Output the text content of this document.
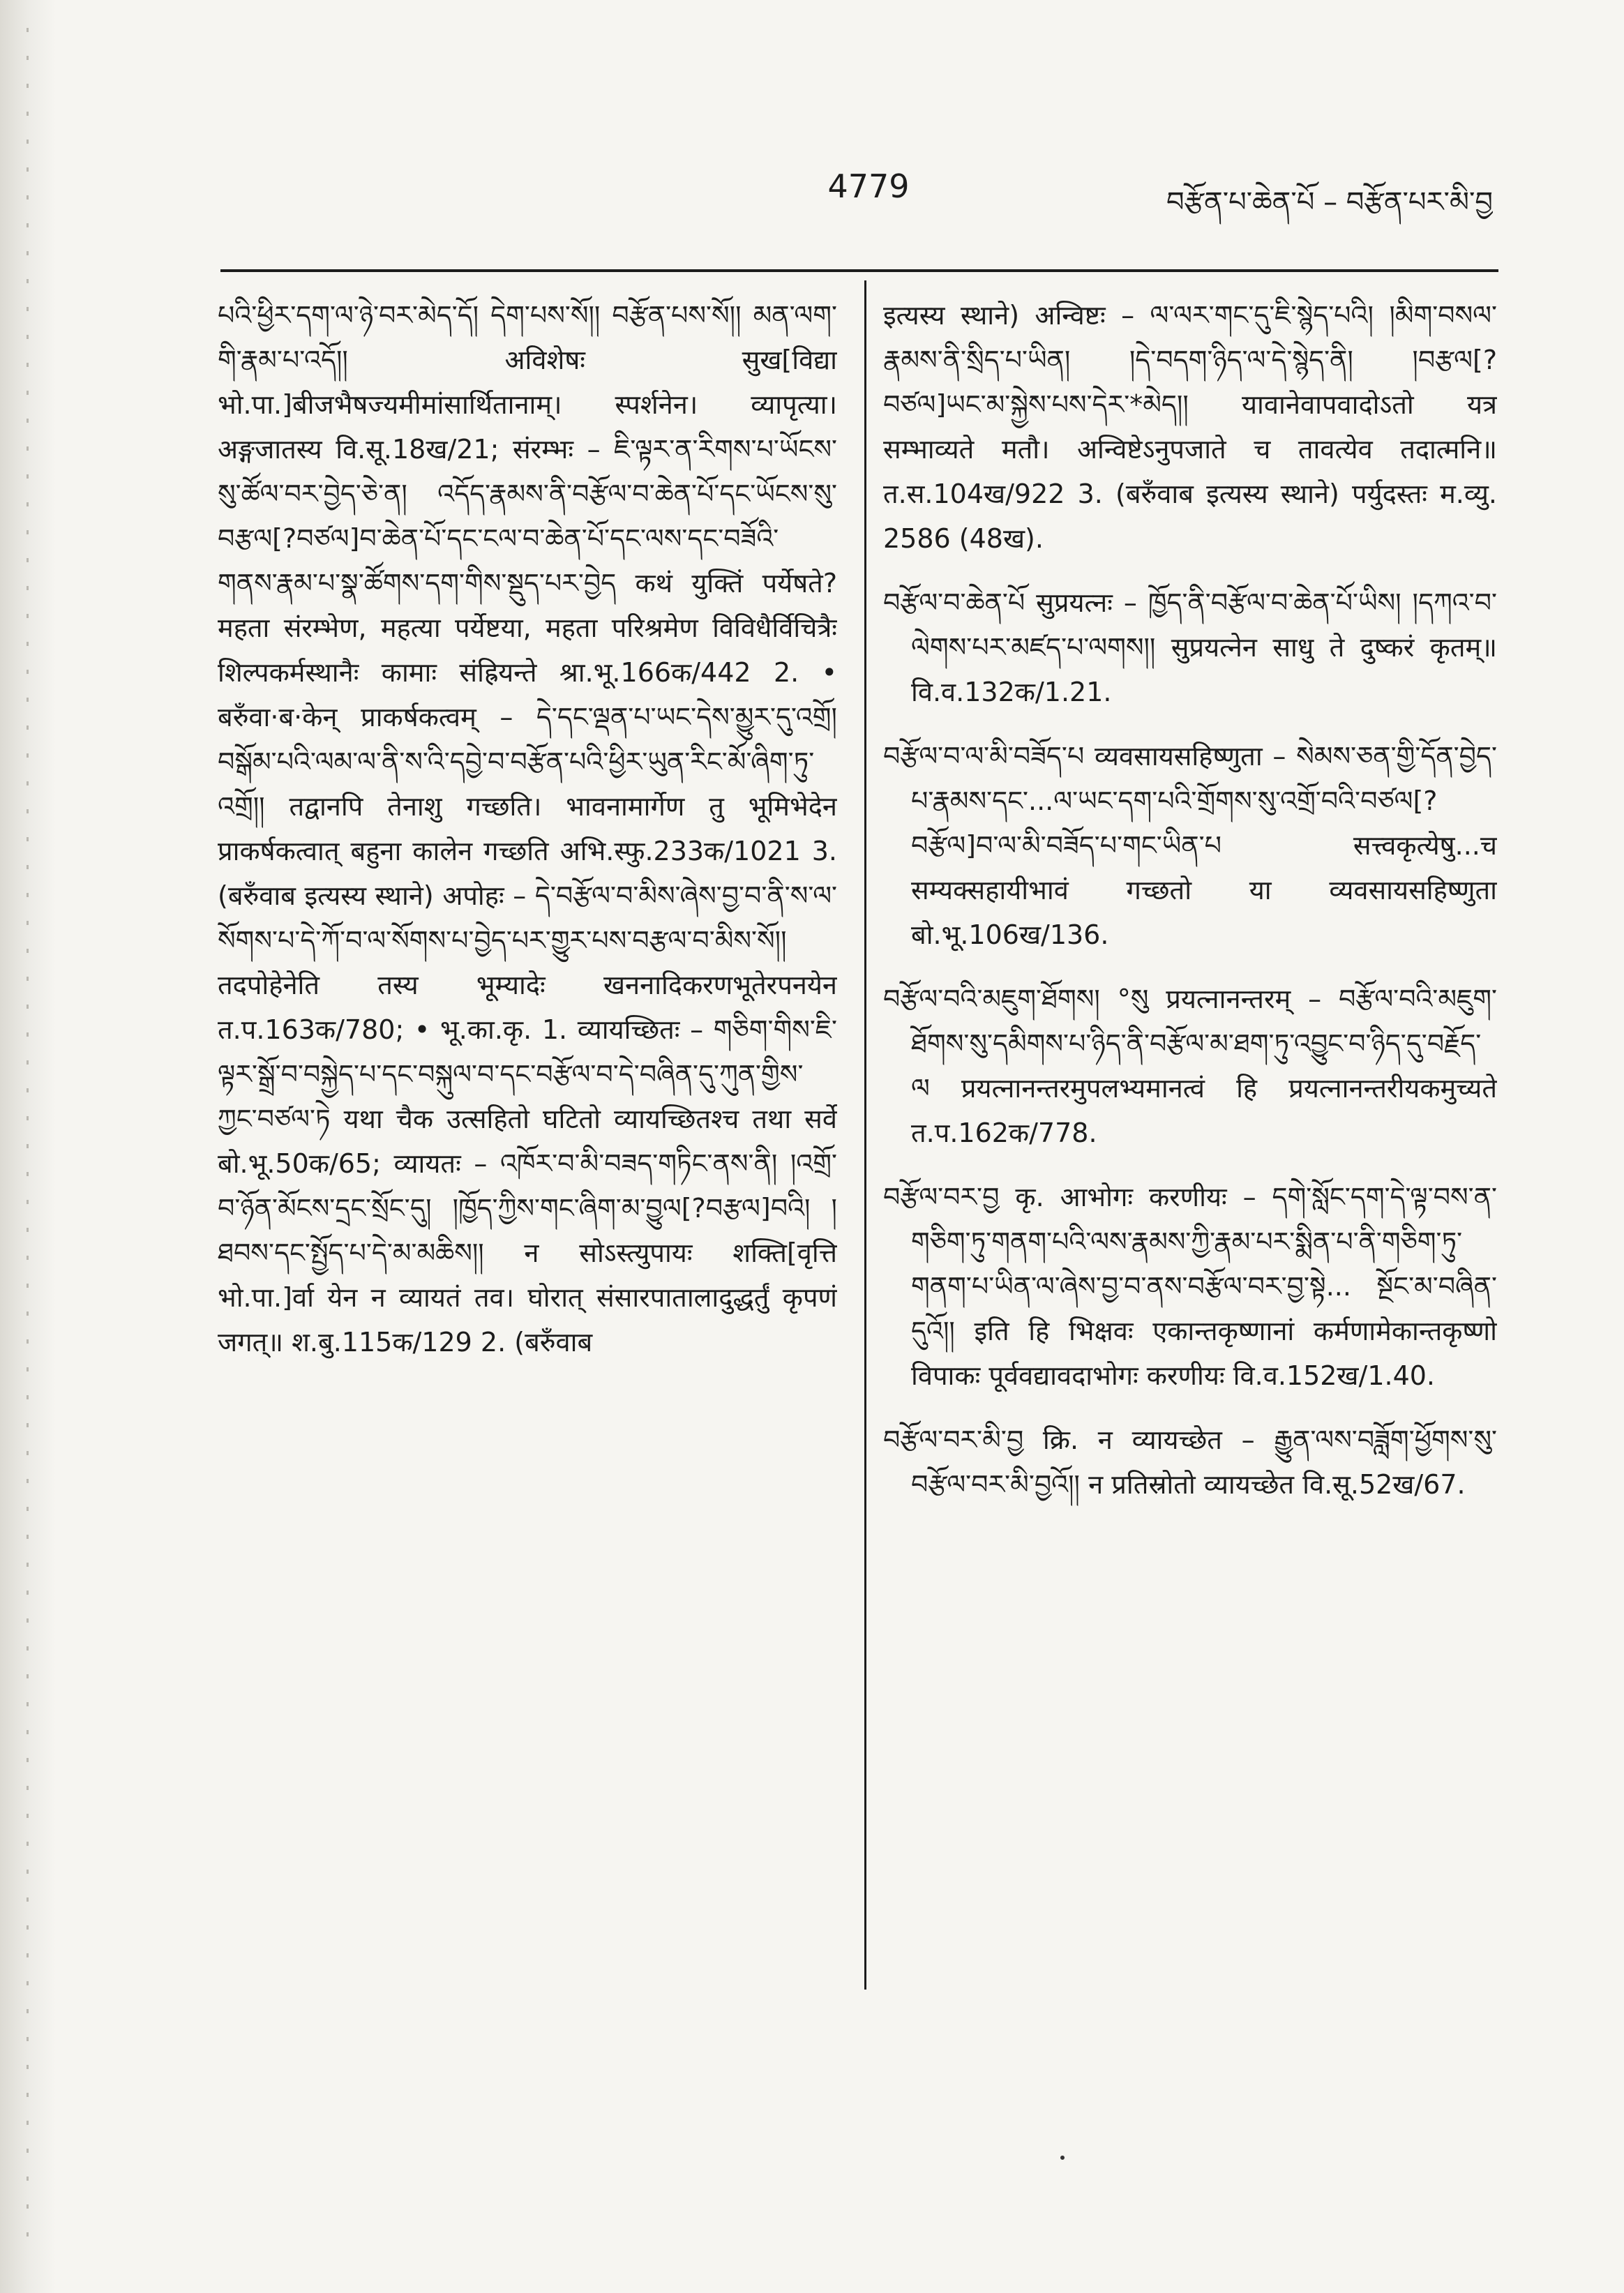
4779	བརྩོན་པ་ཆེན་པོ – བརྩོན་པར་མི་བྱ

པའི་ཕྱིར་དག་ལ་ཉེ་བར་མེད་དོ། དེག་པས་སོ།། བརྩོན་པས་སོ།། མན་ལག་གི་རྣམ་པ་འདོ།། अविशेषः सुख[विद्या भो.पा.]बीजभैषज्यमीमांसार्थितानाम्। स्पर्शनेन। व्यापृत्या। अङ्गजातस्य वि.सू.18ख/21; संरम्भः – ཇི་ལྟར་ན་རིགས་པ་ཡོངས་སུ་ཚོལ་བར་བྱེད་ཅེ་ན། འདོད་རྣམས་ནི་བརྩོལ་བ་ཆེན་པོ་དང་ཡོངས་སུ་བརྩལ[?བཙལ]བ་ཆེན་པོ་དང་ངལ་བ་ཆེན་པོ་དང་ལས་དང་བཟོའི་གནས་རྣམ་པ་སྣ་ཚོགས་དག་གིས་སྡུད་པར་བྱེད कथं युक्तिं पर्येषते? महता संरम्भेण, महत्या पर्येष्टया, महता परिश्रमेण विविधैर्विचित्रैः शिल्पकर्मस्थानैः कामाः संह्रियन्ते श्रा.भू.166क/442 2. • बरुँवा·ब·केन् प्राकर्षकत्वम् – དེ་དང་ལྡན་པ་ཡང་དེས་མྱུར་དུ་འགྲོ། བསྒོམ་པའི་ལམ་ལ་ནི་ས་འི་དབྱེ་བ་བརྩོན་པའི་ཕྱིར་ཡུན་རིང་མོ་ཞིག་ཏུ་འགྲོ།། तद्वानपि तेनाशु गच्छति। भावनामार्गेण तु भूमिभेदेन प्राकर्षकत्वात् बहुना कालेन गच्छति अभि.स्फु.233क/1021 3. (बरुँवाब इत्यस्य स्थाने) अपोहः – དེ་བརྩོལ་བ་མིས་ཞེས་བྱ་བ་ནི་ས་ལ་སོགས་པ་དེ་ཀོ་བ་ལ་སོགས་པ་བྱེད་པར་གྱུར་པས་བརྩལ་བ་མིས་སོ།། तदपोहेनेति तस्य भूम्यादेः खननादिकरणभूतेरपनयेन त.प.163क/780; • भू.का.कृ. 1. व्यायच्छितः – གཅིག་གིས་ཇི་ལྟར་སྒྲོ་བ་བསྐྱེད་པ་དང་བསྐུལ་བ་དང་བརྩོལ་བ་དེ་བཞིན་དུ་ཀུན་གྱིས་ཀྱང་བཙལ་ཏེ यथा चैक उत्सहितो घटितो व्यायच्छितश्च तथा सर्वे बो.भू.50क/65; व्यायतः – འཁོར་བ་མི་བཟད་གཏིང་ནས་ནི། །འགྲོ་བ་ཉོན་མོངས་དྲང་སྲོང་དུ། །ཁྱོད་ཀྱིས་གང་ཞིག་མ་བྱུལ[?བརྩལ]བའི། །ཐབས་དང་སྤྱོད་པ་དེ་མ་མཆིས།། न सोऽस्त्युपायः शक्ति[वृत्ति भो.पा.]र्वा येन न व्यायतं तव। घोरात् संसारपातालादुद्धर्तुं कृपणं जगत्॥ श.बु.115क/129 2. (बरुँवाब

इत्यस्य स्थाने) अन्विष्टः – ལ་ལར་གང་དུ་ཇི་སྙེད་པའི། །མིག་བསལ་རྣམས་ནི་སྲིད་པ་ཡིན། །དེ་བདག་ཉིད་ལ་དེ་སྙེད་ནི། །བརྩལ[?བཙལ]ཡང་མ་སྐྱེས་པས་དེར་*མེད།། यावानेवापवादोऽतो यत्र सम्भाव्यते मतौ। अन्विष्टेऽनुपजाते च तावत्येव तदात्मनि॥ त.स.104ख/922 3. (बरुँवाब इत्यस्य स्थाने) पर्युदस्तः म.व्यु. 2586 (48ख).

བརྩོལ་བ་ཆེན་པོ सुप्रयत्नः – ཁྱོད་ནི་བརྩོལ་བ་ཆེན་པོ་ཡིས། །དཀའ་བ་ལེགས་པར་མཛད་པ་ལགས།། सुप्रयत्नेन साधु ते दुष्करं कृतम्॥ वि.व.132क/1.21.

བརྩོལ་བ་ལ་མི་བཟོད་པ व्यवसायसहिष्णुता – སེམས་ཅན་གྱི་དོན་བྱེད་པ་རྣམས་དང་...ལ་ཡང་དག་པའི་གྲོགས་སུ་འགྲོ་བའི་བཙལ[?བརྩོལ]བ་ལ་མི་བཟོད་པ་གང་ཡིན་པ सत्त्वकृत्येषु...च सम्यक्सहायीभावं गच्छतो या व्यवसायसहिष्णुता बो.भू.106ख/136.

བརྩོལ་བའི་མཇུག་ཐོགས། °སུ प्रयत्नानन्तरम् – བརྩོལ་བའི་མཇུག་ཐོགས་སུ་དམིགས་པ་ཉིད་ནི་བརྩོལ་མ་ཐག་ཏུ་འབྱུང་བ་ཉིད་དུ་བརྗོད་ལ प्रयत्नानन्तरमुपलभ्यमानत्वं हि प्रयत्नानन्तरीयकमुच्यते त.प.162क/778.

བརྩོལ་བར་བྱ कृ. आभोगः करणीयः – དགེ་སློང་དག་དེ་ལྟ་བས་ན་གཅིག་ཏུ་གནག་པའི་ལས་རྣམས་ཀྱི་རྣམ་པར་སྨིན་པ་ནི་གཅིག་ཏུ་གནག་པ་ཡིན་ལ་ཞེས་བྱ་བ་ནས་བརྩོལ་བར་བྱ་སྟེ... སྔོང་མ་བཞིན་དུའོ།། इति हि भिक्षवः एकान्तकृष्णानां कर्मणामेकान्तकृष्णो विपाकः पूर्ववद्यावदाभोगः करणीयः वि.व.152ख/1.40.

བརྩོལ་བར་མི་བྱ क्रि. न व्यायच्छेत – རྒྱུན་ལས་བཟློག་ཕྱོགས་སུ་བརྩོལ་བར་མི་བྱའོ།། न प्रतिस्रोतो व्यायच्छेत वि.सू.52ख/67.
